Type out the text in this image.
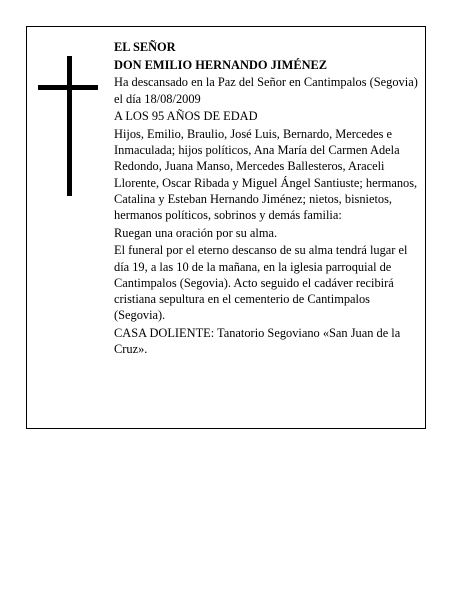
EL SEÑOR

DON EMILIO HERNANDO JIMÉNEZ

Ha descansado en la Paz del Señor en Cantimpalos (Segovia) el día 18/08/2009

A LOS 95 AÑOS DE EDAD

Hijos, Emilio, Braulio, José Luis, Bernardo, Mercedes e Inmaculada; hijos políticos, Ana María del Carmen Adela Redondo, Juana Manso, Mercedes Ballesteros, Araceli Llorente, Oscar Ribada y Miguel Ángel Santiuste; hermanos, Catalina y Esteban Hernando Jiménez; nietos, bisnietos, hermanos políticos, sobrinos y demás familia:

Ruegan una oración por su alma.

El funeral por el eterno descanso de su alma tendrá lugar el día 19, a las 10 de la mañana, en la iglesia parroquial de Cantimpalos (Segovia). Acto seguido el cadáver recibirá cristiana sepultura en el cementerio de Cantimpalos (Segovia).

CASA DOLIENTE: Tanatorio Segoviano «San Juan de la Cruz».
